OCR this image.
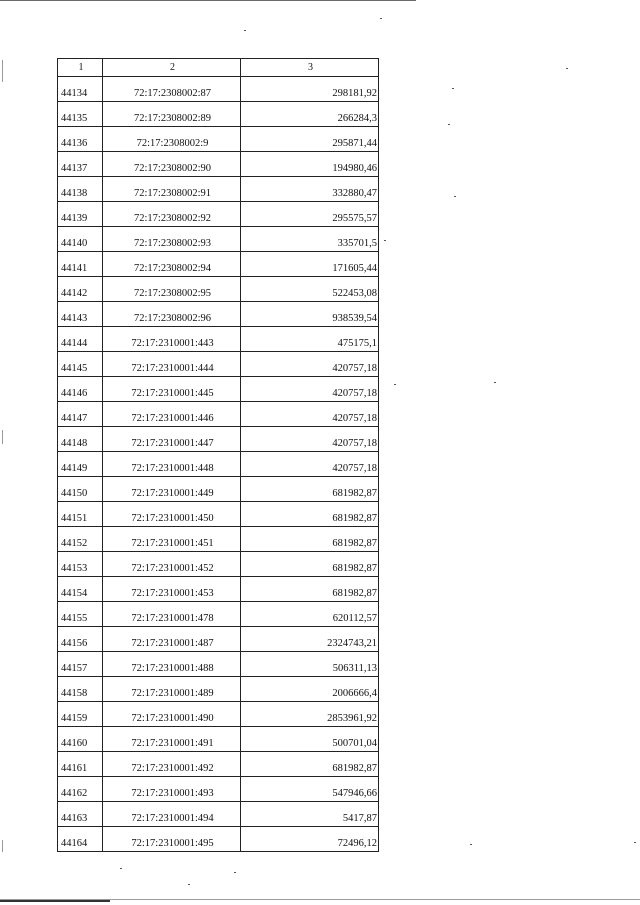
1	2	3
44134	72:17:2308002:87	298181,92
44135	72:17:2308002:89	266284,3
44136	72:17:2308002:9	295871,44
44137	72:17:2308002:90	194980,46
44138	72:17:2308002:91	332880,47
44139	72:17:2308002:92	295575,57
44140	72:17:2308002:93	335701,5
44141	72:17:2308002:94	171605,44
44142	72:17:2308002:95	522453,08
44143	72:17:2308002:96	938539,54
44144	72:17:2310001:443	475175,1
44145	72:17:2310001:444	420757,18
44146	72:17:2310001:445	420757,18
44147	72:17:2310001:446	420757,18
44148	72:17:2310001:447	420757,18
44149	72:17:2310001:448	420757,18
44150	72:17:2310001:449	681982,87
44151	72:17:2310001:450	681982,87
44152	72:17:2310001:451	681982,87
44153	72:17:2310001:452	681982,87
44154	72:17:2310001:453	681982,87
44155	72:17:2310001:478	620112,57
44156	72:17:2310001:487	2324743,21
44157	72:17:2310001:488	506311,13
44158	72:17:2310001:489	2006666,4
44159	72:17:2310001:490	2853961,92
44160	72:17:2310001:491	500701,04
44161	72:17:2310001:492	681982,87
44162	72:17:2310001:493	547946,66
44163	72:17:2310001:494	5417,87
44164	72:17:2310001:495	72496,12
